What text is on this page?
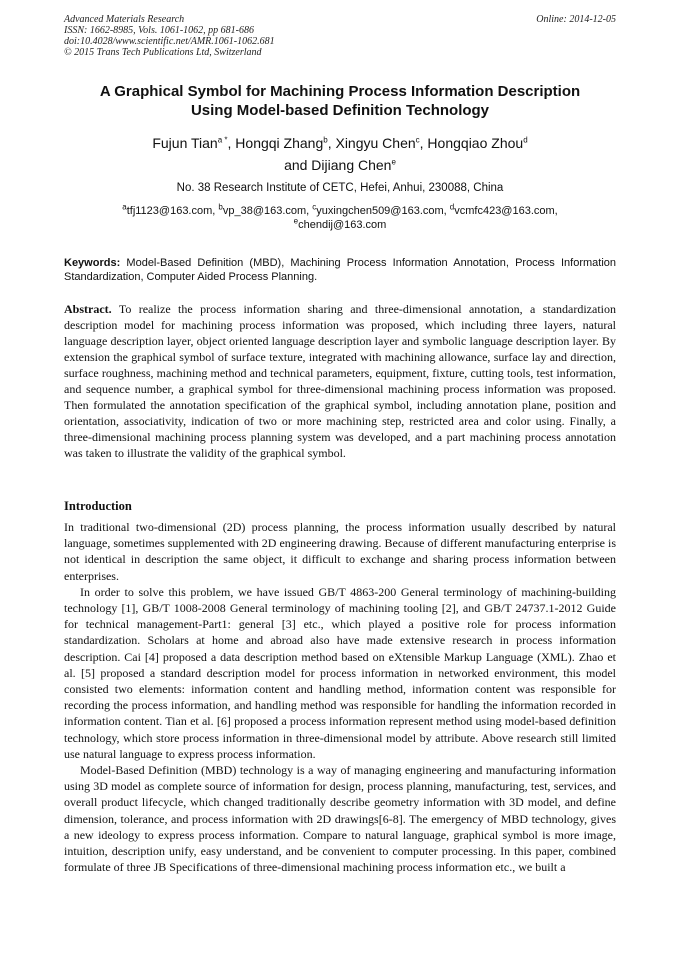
Advanced Materials Research
ISSN: 1662-8985, Vols. 1061-1062, pp 681-686
doi:10.4028/www.scientific.net/AMR.1061-1062.681
© 2015 Trans Tech Publications Ltd, Switzerland
Online: 2014-12-05
A Graphical Symbol for Machining Process Information Description
Using Model-based Definition Technology
Fujun Tian$^{a *}$, Hongqi Zhang$^b$, Xingyu Chen$^c$, Hongqiao Zhou$^d$
and Dijiang Chen$^e$
No. 38 Research Institute of CETC, Hefei, Anhui, 230088, China
$^a$tfj1123@163.com, $^b$vp_38@163.com, $^c$yuxingchen509@163.com, $^d$vcmfc423@163.com,
$^e$chendij@163.com
Keywords: Model-Based Definition (MBD), Machining Process Information Annotation, Process Information Standardization, Computer Aided Process Planning.
Abstract. To realize the process information sharing and three-dimensional annotation, a standardization description model for machining process information was proposed, which including three layers, natural language description layer, object oriented language description layer and symbolic language description layer. By extension the graphical symbol of surface texture, integrated with machining allowance, surface lay and direction, surface roughness, machining method and technical parameters, equipment, fixture, cutting tools, test information, and sequence number, a graphical symbol for three-dimensional machining process information was proposed. Then formulated the annotation specification of the graphical symbol, including annotation plane, position and orientation, associativity, indication of two or more machining step, restricted area and color using. Finally, a three-dimensional machining process planning system was developed, and a part machining process annotation was taken to illustrate the validity of the graphical symbol.
Introduction

In traditional two-dimensional (2D) process planning, the process information usually described by natural language, sometimes supplemented with 2D engineering drawing. Because of different manufacturing enterprise is not identical in description the same object, it difficult to exchange and sharing process information between enterprises.

In order to solve this problem, we have issued GB/T 4863-200 General terminology of machining-building technology [1], GB/T 1008-2008 General terminology of machining tooling [2], and GB/T 24737.1-2012 Guide for technical management-Part1: general [3] etc., which played a positive role for process information standardization. Scholars at home and abroad also have made extensive research in process information description. Cai [4] proposed a data description method based on eXtensible Markup Language (XML). Zhao et al. [5] proposed a standard description model for process information in networked environment, this model consisted two elements: information content and handling method, information content was responsible for recording the process information, and handling method was responsible for handling the information recorded in information content. Tian et al. [6] proposed a process information represent method using model-based definition technology, which store process information in three-dimensional model by attribute. Above research still limited use natural language to express process information.

Model-Based Definition (MBD) technology is a way of managing engineering and manufacturing information using 3D model as complete source of information for design, process planning, manufacturing, test, services, and overall product lifecycle, which changed traditionally describe geometry information with 3D model, and define dimension, tolerance, and process information with 2D drawings[6-8]. The emergency of MBD technology, gives a new ideology to express process information. Compare to natural language, graphical symbol is more image, intuition, description unify, easy understand, and be convenient to computer processing. In this paper, combined formulate of three JB Specifications of three-dimensional machining process information etc., we built a
